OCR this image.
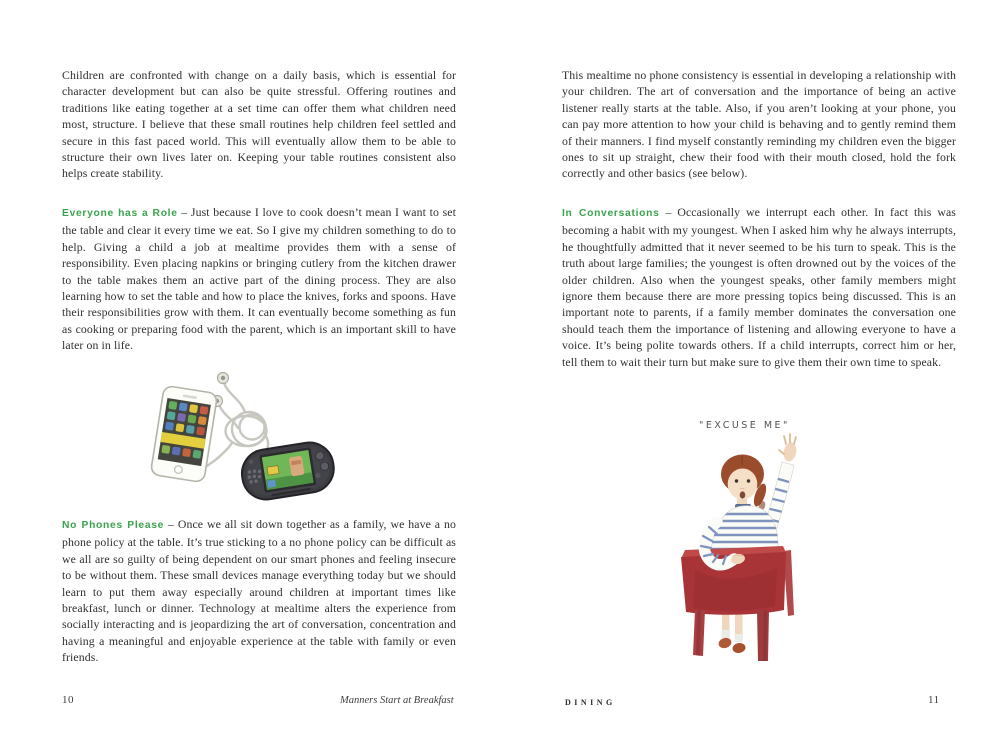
Children are confronted with change on a daily basis, which is essential for character development but can also be quite stressful. Offering routines and traditions like eating together at a set time can offer them what children need most, structure. I believe that these small routines help children feel settled and secure in this fast paced world. This will eventually allow them to be able to structure their own lives later on. Keeping your table routines consistent also helps create stability.

Everyone has a Role – Just because I love to cook doesn’t mean I want to set the table and clear it every time we eat. So I give my children something to do to help. Giving a child a job at mealtime provides them with a sense of responsibility. Even placing napkins or bringing cutlery from the kitchen drawer to the table makes them an active part of the dining process. They are also learning how to set the table and how to place the knives, forks and spoons. Have their responsibilities grow with them. It can eventually become something as fun as cooking or preparing food with the parent, which is an important skill to have later on in life.

No Phones Please – Once we all sit down together as a family, we have a no phone policy at the table. It’s true sticking to a no phone policy can be difficult as we all are so guilty of being dependent on our smart phones and feeling insecure to be without them. These small devices manage everything today but we should learn to put them away especially around children at important times like breakfast, lunch or dinner. Technology at mealtime alters the experience from socially interacting and is jeopardizing the art of conversation, concentration and having a meaningful and enjoyable experience at the table with family or even friends.

10	Manners Start at Breakfast

This mealtime no phone consistency is essential in developing a relationship with your children. The art of conversation and the importance of being an active listener really starts at the table. Also, if you aren’t looking at your phone, you can pay more attention to how your child is behaving and to gently remind them of their manners. I find myself constantly reminding my children even the bigger ones to sit up straight, chew their food with their mouth closed, hold the fork correctly and other basics (see below).

In Conversations – Occasionally we interrupt each other. In fact this was becoming a habit with my youngest. When I asked him why he always interrupts, he thoughtfully admitted that it never seemed to be his turn to speak. This is the truth about large families; the youngest is often drowned out by the voices of the older children. Also when the youngest speaks, other family members might ignore them because there are more pressing topics being discussed. This is an important note to parents, if a family member dominates the conversation one should teach them the importance of listening and allowing everyone to have a voice. It’s being polite towards others. If a child interrupts, correct him or her, tell them to wait their turn but make sure to give them their own time to speak.

"EXCUSE ME"
DINING	11
